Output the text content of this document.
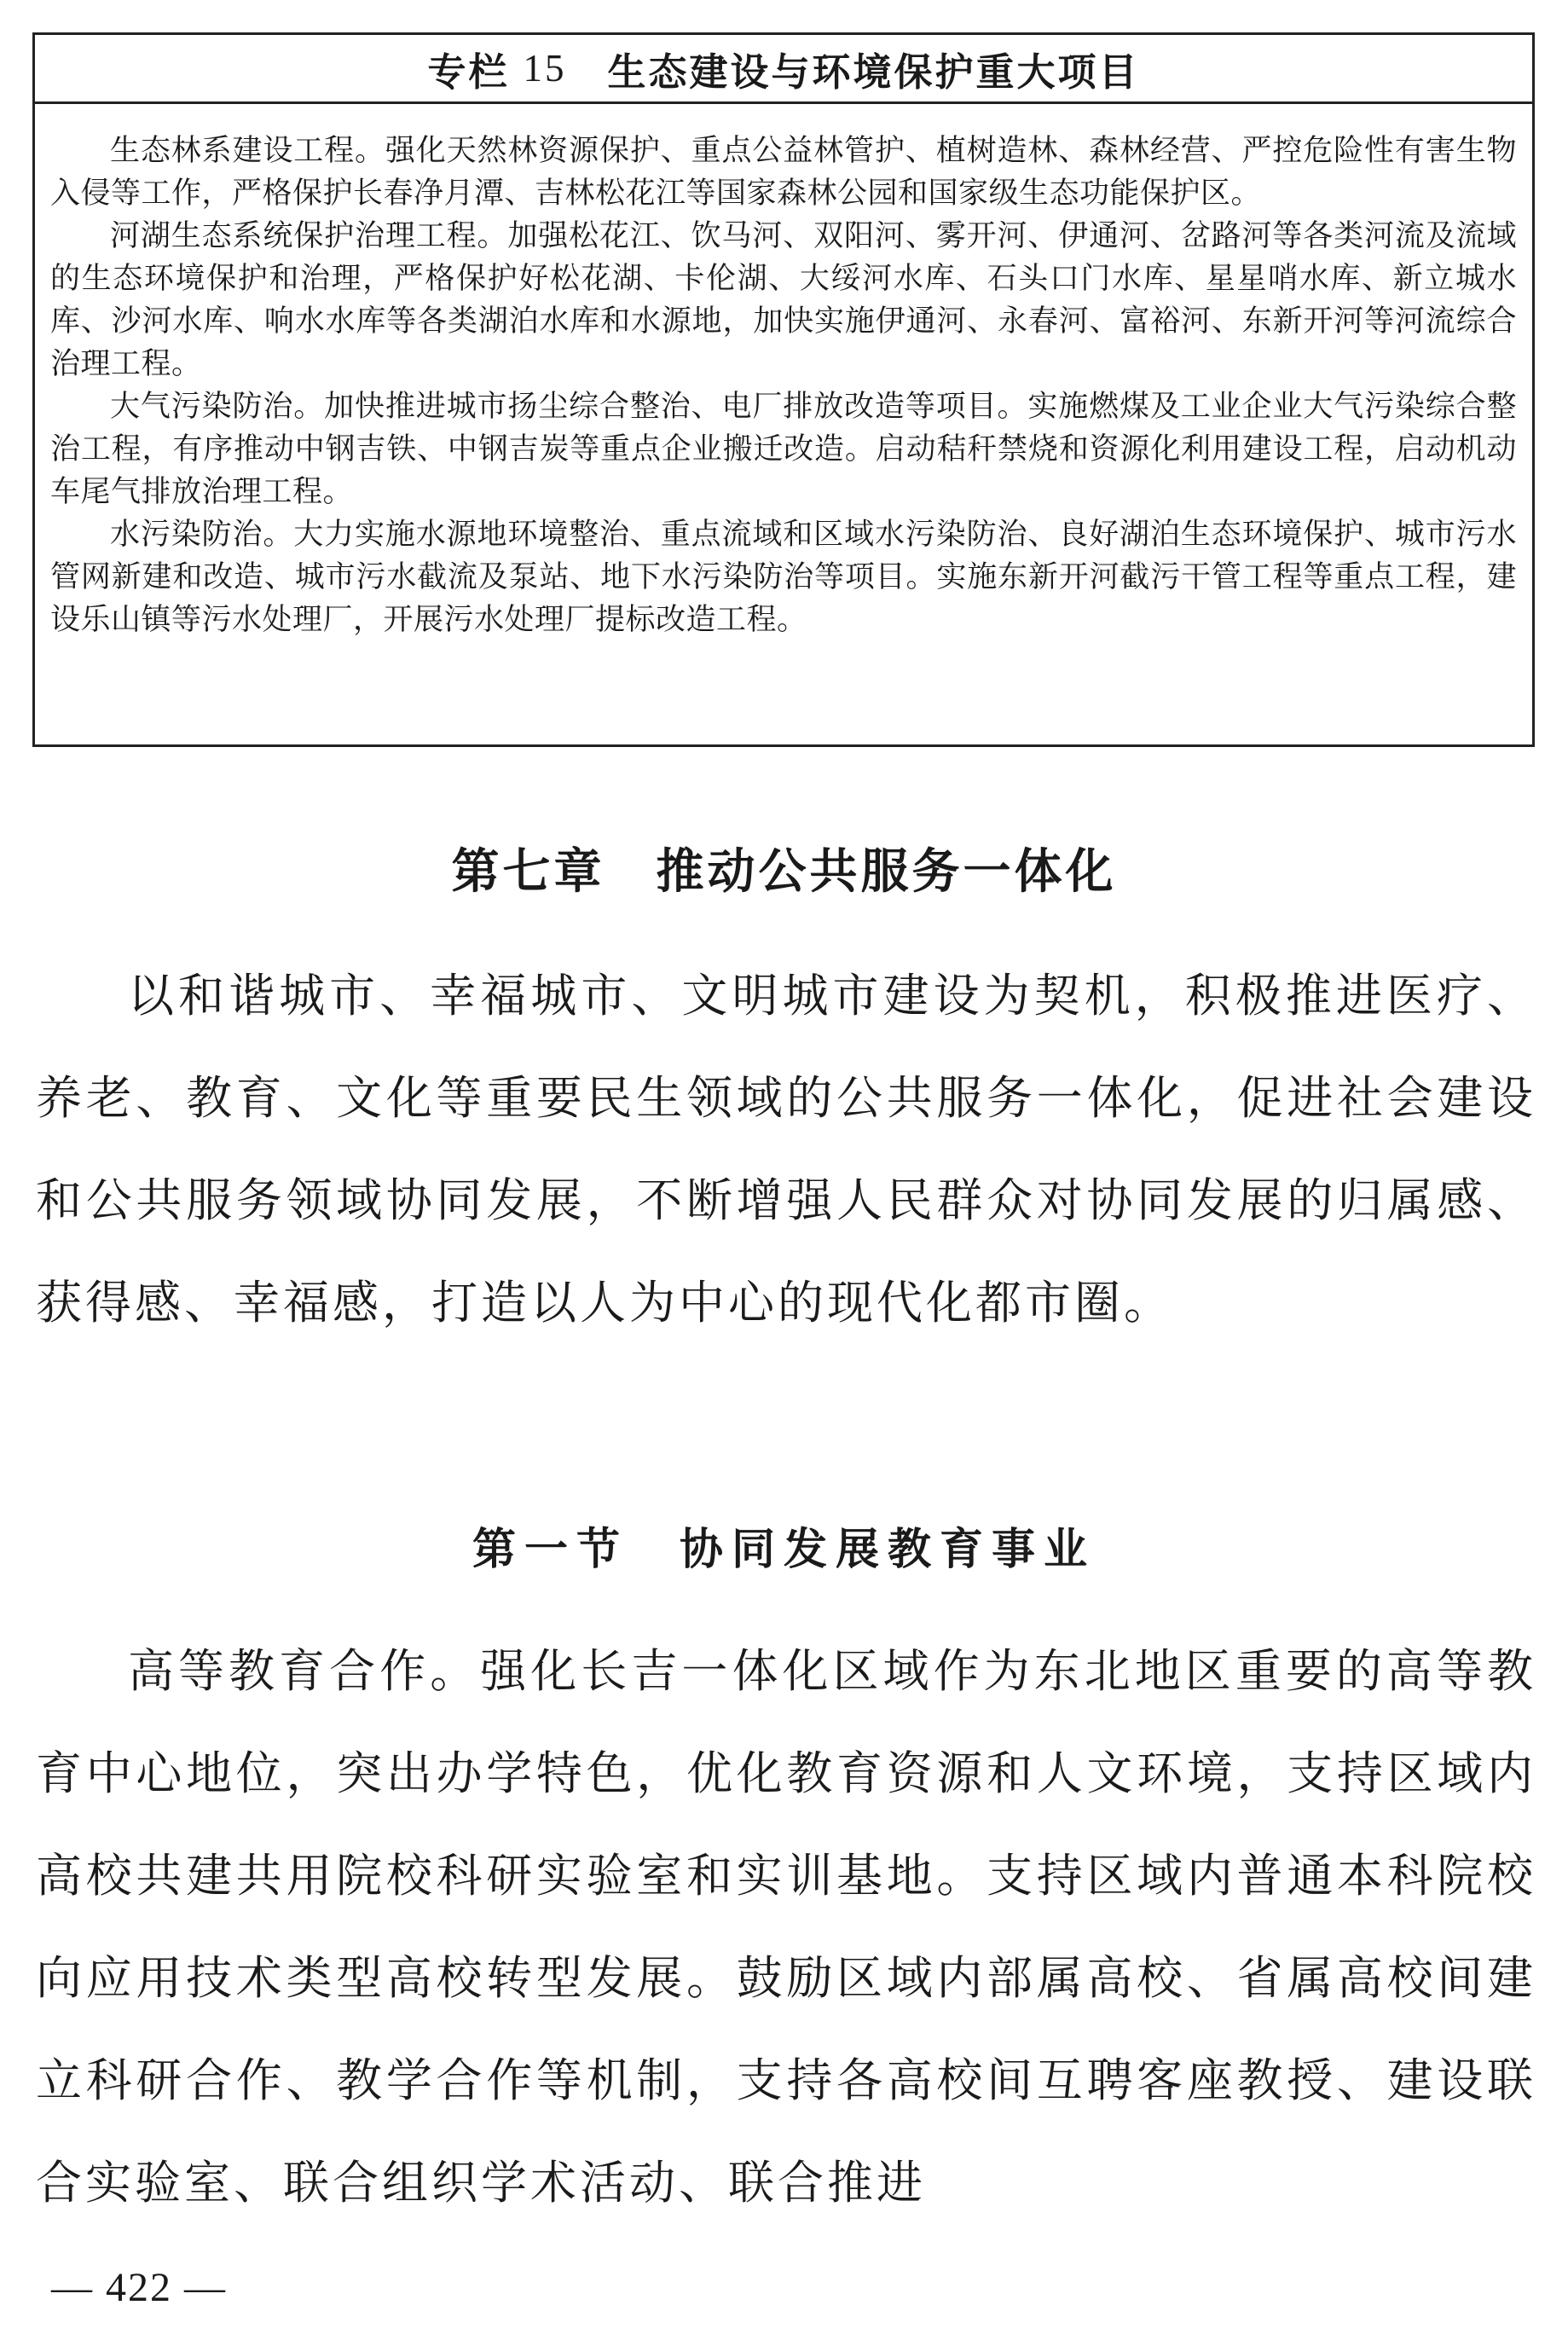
专栏 15 生态建设与环境保护重大项目

生态林系建设工程。强化天然林资源保护、重点公益林管护、植树造林、森林经营、严控危险性有害生物入侵等工作，严格保护长春净月潭、吉林松花江等国家森林公园和国家级生态功能保护区。

河湖生态系统保护治理工程。加强松花江、饮马河、双阳河、雾开河、伊通河、岔路河等各类河流及流域的生态环境保护和治理，严格保护好松花湖、卡伦湖、大绥河水库、石头口门水库、星星哨水库、新立城水库、沙河水库、响水水库等各类湖泊水库和水源地，加快实施伊通河、永春河、富裕河、东新开河等河流综合治理工程。

大气污染防治。加快推进城市扬尘综合整治、电厂排放改造等项目。实施燃煤及工业企业大气污染综合整治工程，有序推动中钢吉铁、中钢吉炭等重点企业搬迁改造。启动秸秆禁烧和资源化利用建设工程，启动机动车尾气排放治理工程。

水污染防治。大力实施水源地环境整治、重点流域和区域水污染防治、良好湖泊生态环境保护、城市污水管网新建和改造、城市污水截流及泵站、地下水污染防治等项目。实施东新开河截污干管工程等重点工程，建设乐山镇等污水处理厂，开展污水处理厂提标改造工程。

第七章 推动公共服务一体化

以和谐城市、幸福城市、文明城市建设为契机，积极推进医疗、养老、教育、文化等重要民生领域的公共服务一体化，促进社会建设和公共服务领域协同发展，不断增强人民群众对协同发展的归属感、获得感、幸福感，打造以人为中心的现代化都市圈。

第一节 协同发展教育事业

高等教育合作。强化长吉一体化区域作为东北地区重要的高等教育中心地位，突出办学特色，优化教育资源和人文环境，支持区域内高校共建共用院校科研实验室和实训基地。支持区域内普通本科院校向应用技术类型高校转型发展。鼓励区域内部属高校、省属高校间建立科研合作、教学合作等机制，支持各高校间互聘客座教授、建设联合实验室、联合组织学术活动、联合推进

— 422 —
